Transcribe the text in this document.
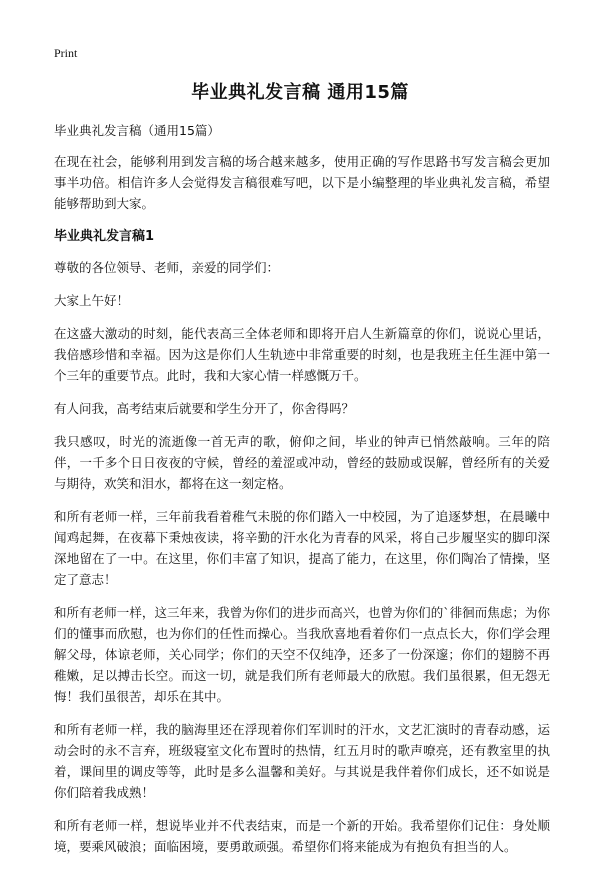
Print
毕业典礼发言稿 通用15篇

毕业典礼发言稿（通用15篇）

在现在社会，能够利用到发言稿的场合越来越多，使用正确的写作思路书写发言稿会更加事半功倍。相信许多人会觉得发言稿很难写吧，以下是小编整理的毕业典礼发言稿，希望能够帮助到大家。

毕业典礼发言稿1

尊敬的各位领导、老师，亲爱的同学们：

大家上午好！

在这盛大激动的时刻，能代表高三全体老师和即将开启人生新篇章的你们，说说心里话，我倍感珍惜和幸福。因为这是你们人生轨迹中非常重要的时刻，也是我班主任生涯中第一个三年的重要节点。此时，我和大家心情一样感慨万千。

有人问我，高考结束后就要和学生分开了，你舍得吗？

我只感叹，时光的流逝像一首无声的歌，俯仰之间，毕业的钟声已悄然敲响。三年的陪伴，一千多个日日夜夜的守候，曾经的羞涩或冲动，曾经的鼓励或误解，曾经所有的关爱与期待，欢笑和泪水，都将在这一刻定格。

和所有老师一样，三年前我看着稚气未脱的你们踏入一中校园，为了追逐梦想，在晨曦中闻鸡起舞，在夜幕下秉烛夜读，将辛勤的汗水化为青春的风采，将自己步履坚实的脚印深深地留在了一中。在这里，你们丰富了知识，提高了能力，在这里，你们陶冶了情操，坚定了意志！

和所有老师一样，这三年来，我曾为你们的进步而高兴，也曾为你们的`徘徊而焦虑；为你们的懂事而欣慰，也为你们的任性而操心。当我欣喜地看着你们一点点长大，你们学会理解父母，体谅老师，关心同学；你们的天空不仅纯净，还多了一份深邃；你们的翅膀不再稚嫩，足以搏击长空。而这一切，就是我们所有老师最大的欣慰。我们虽很累，但无怨无悔！我们虽很苦，却乐在其中。

和所有老师一样，我的脑海里还在浮现着你们军训时的汗水，文艺汇演时的青春动感，运动会时的永不言弃，班级寝室文化布置时的热情，红五月时的歌声嘹亮，还有教室里的执着，课间里的调皮等等，此时是多么温馨和美好。与其说是我伴着你们成长，还不如说是你们陪着我成熟！

和所有老师一样，想说毕业并不代表结束，而是一个新的开始。我希望你们记住：身处顺境，要乘风破浪；面临困境，要勇敢顽强。希望你们将来能成为有抱负有担当的人。
